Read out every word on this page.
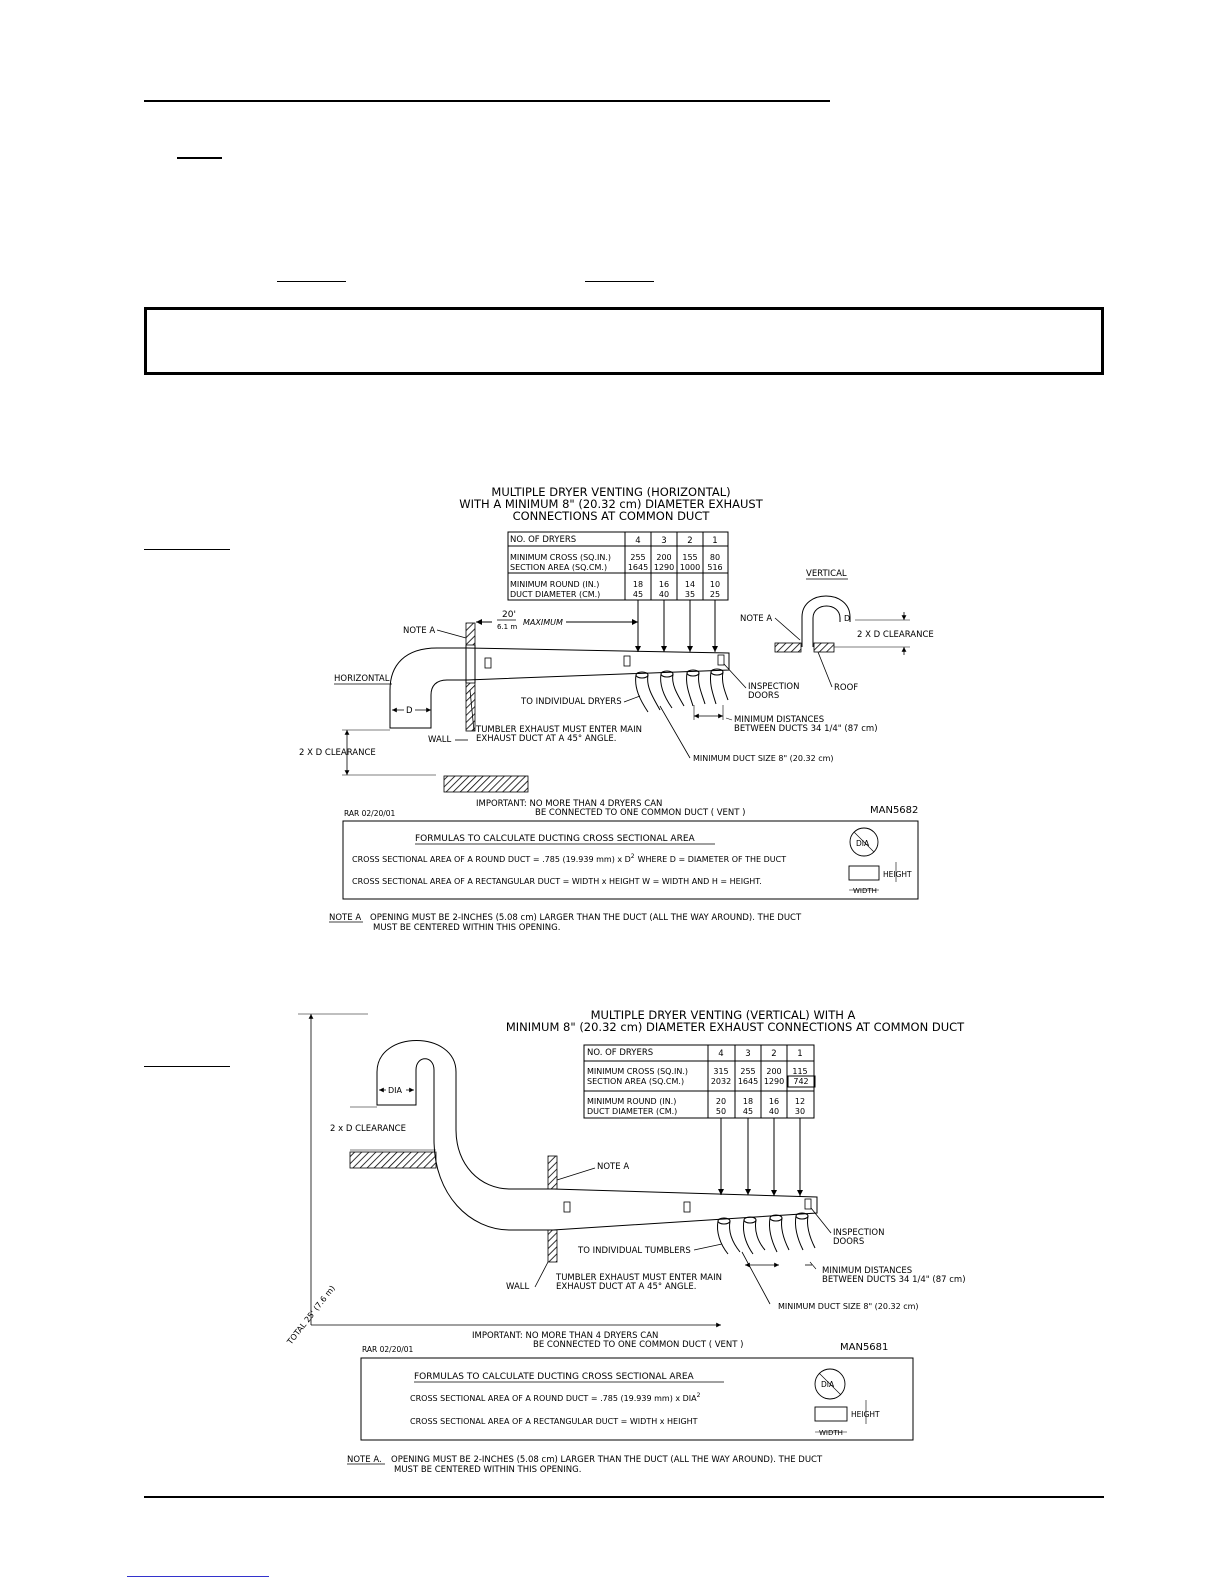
MULTIPLE DRYER VENTING (HORIZONTAL)
WITH A MINIMUM 8" (20.32 cm) DIAMETER EXHAUST
CONNECTIONS AT COMMON DUCT
NO. OF DRYERS	4 3 2 1
MINIMUM CROSS (SQ.IN.) 255 200 155 80
SECTION AREA (SQ.CM.)	1645 1290 1000 516
MINIMUM ROUND (IN.)	18 16 14 10
DUCT DIAMETER (CM.)	45 40 35 25
20'
6.1 m MAXIMUM
NOTE A
HORIZONTAL
D
WALL
2 X D CLEARANCE
TO INDIVIDUAL DRYERS
INSPECTION
DOORS
TUMBLER EXHAUST MUST ENTER MAIN
EXHAUST DUCT AT A 45° ANGLE.
MINIMUM DISTANCES
BETWEEN DUCTS 34 1/4" (87 cm)
MINIMUM DUCT SIZE 8" (20.32 cm)
VERTICAL
D
2 X D CLEARANCE
NOTE A
ROOF
IMPORTANT: NO MORE THAN 4 DRYERS CAN
BE CONNECTED TO ONE COMMON DUCT ( VENT )
RAR 02/20/01	MAN5682
FORMULAS TO CALCULATE DUCTING CROSS SECTIONAL AREA
CROSS SECTIONAL AREA OF A ROUND DUCT = .785 (19.939 mm) x $D^2$ WHERE D = DIAMETER OF THE DUCT
CROSS SECTIONAL AREA OF A RECTANGULAR DUCT = WIDTH x HEIGHT W = WIDTH AND H = HEIGHT.
DIA
HEIGHT
WIDTH
NOTE A OPENING MUST BE 2-INCHES (5.08 cm) LARGER THAN THE DUCT (ALL THE WAY AROUND). THE DUCT
MUST BE CENTERED WITHIN THIS OPENING.
MULTIPLE DRYER VENTING (VERTICAL) WITH A
MINIMUM 8" (20.32 cm) DIAMETER EXHAUST CONNECTIONS AT COMMON DUCT
NO. OF DRYERS	4	3 2 1
MINIMUM CROSS (SQ.IN.)	315 255 200 115
SECTION AREA (SQ.CM.)	2032 1645 1290 742
MINIMUM ROUND (IN.)	20 18 16 12
DUCT DIAMETER (CM.)	50 45 40 30
TOTAL 25' (7.6 m)
DIA
2 x D CLEARANCE
NOTE A
TO INDIVIDUAL TUMBLERS
INSPECTION
DOORS
WALL
TUMBLER EXHAUST MUST ENTER MAIN
EXHAUST DUCT AT A 45° ANGLE.
MINIMUM DISTANCES
BETWEEN DUCTS 34 1/4" (87 cm)
MINIMUM DUCT SIZE 8" (20.32 cm)
IMPORTANT: NO MORE THAN 4 DRYERS CAN
BE CONNECTED TO ONE COMMON DUCT ( VENT )
RAR 02/20/01	MAN5681
FORMULAS TO CALCULATE DUCTING CROSS SECTIONAL AREA
CROSS SECTIONAL AREA OF A ROUND DUCT = .785 (19.939 mm) x DIA$^2$
CROSS SECTIONAL AREA OF A RECTANGULAR DUCT = WIDTH x HEIGHT
DIA
HEIGHT
WIDTH
NOTE A. OPENING MUST BE 2-INCHES (5.08 cm) LARGER THAN THE DUCT (ALL THE WAY AROUND). THE DUCT
MUST BE CENTERED WITHIN THIS OPENING.
